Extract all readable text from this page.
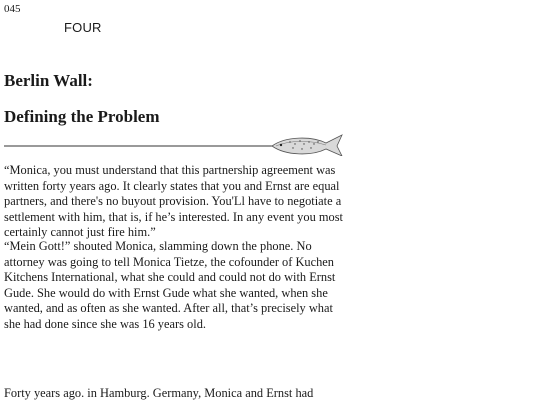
045
FOUR
Berlin Wall:
Defining the Problem

“Monica, you must understand that this partnership agreement was written forty years ago. It clearly states that you and Ernst are equal partners, and there's no buyout provision. You'Ll have to negotiate a settlement with him, that is, if he’s interested. In any event you most certainly cannot just fire him.”

“Mein Gott!” shouted Monica, slamming down the phone. No attorney was going to tell Monica Tietze, the cofounder of Kuchen Kitchens International, what she could and could not do with Ernst Gude. She would do with Ernst Gude what she wanted, when she wanted, and as often as she wanted. After all, that’s precisely what she had done since she was 16 years old.

Forty years ago. in Hamburg. Germany, Monica and Ernst had
